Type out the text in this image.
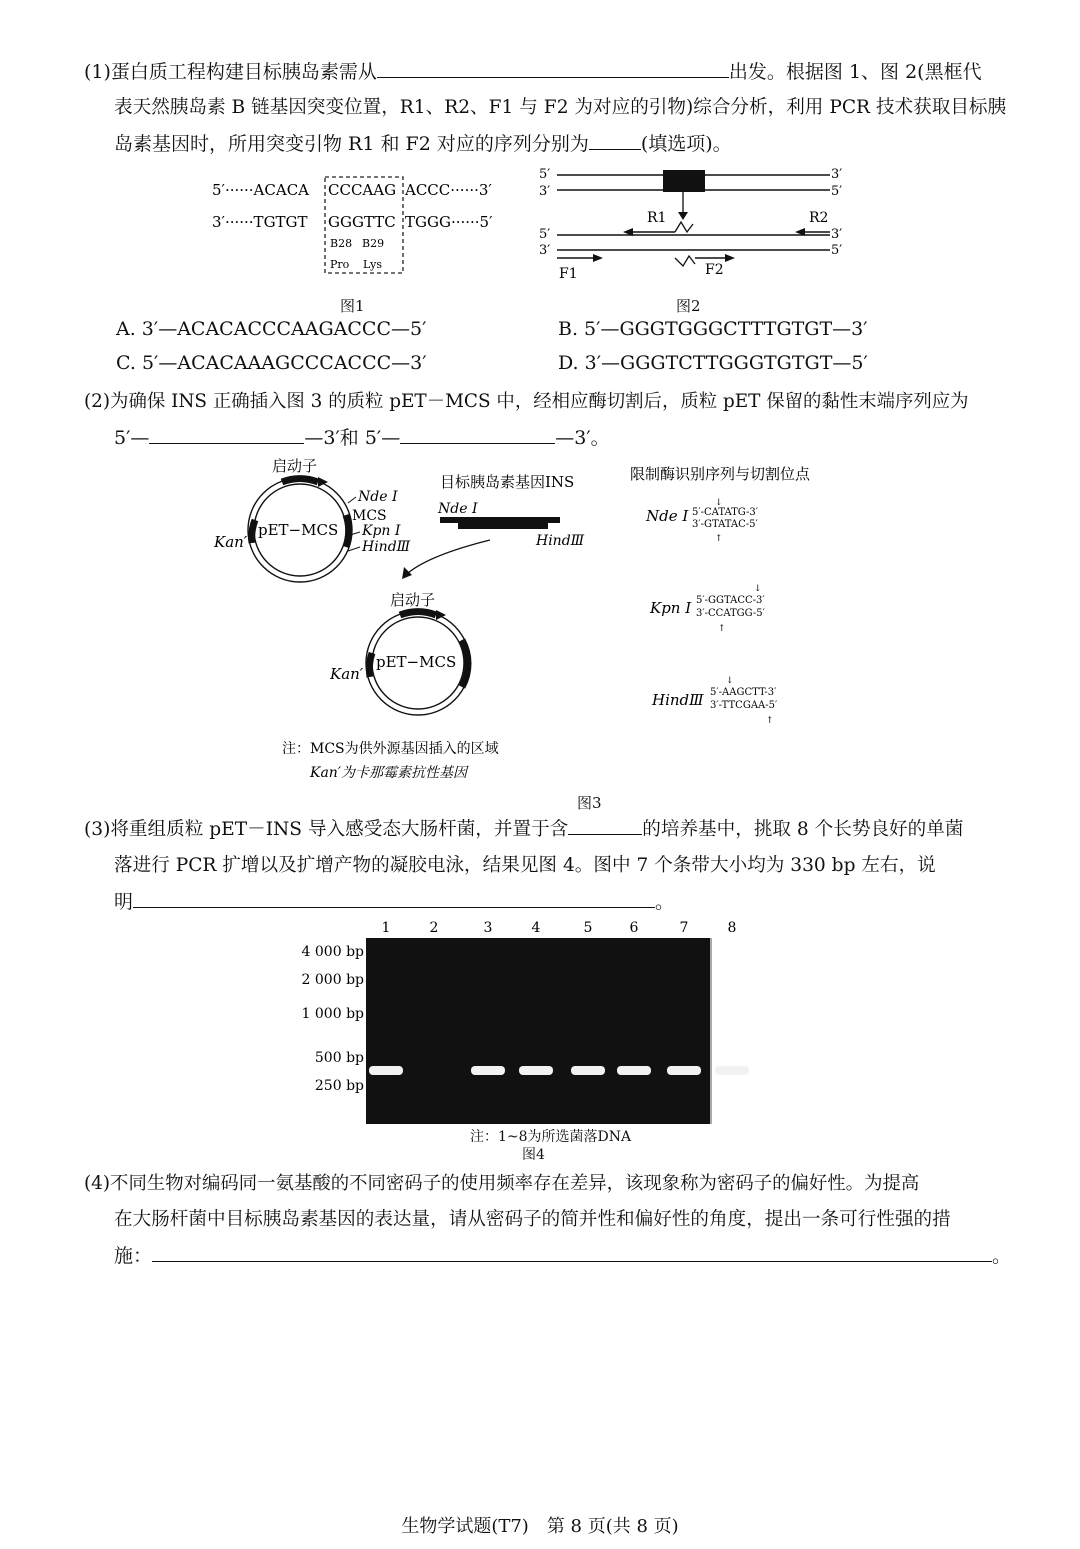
(1)蛋白质工程构建目标胰岛素需从	出发。根据图 1、图 2(黑框代
表天然胰岛素 B 链基因突变位置，R1、R2、F1 与 F2 为对应的引物)综合分析，利用 PCR 技术获取目标胰
岛素基因时，所用突变引物 R1 和 F2 对应的序列分别为	(填选项)。
5′······ACACA CCCAAG ACCC······3′
3′······TGTGT GGGTTC TGGG······5′
B28 B29
Pro Lys
图1
5′
3′
3′
5′
R1	R2
5′
3′
3′
5′
F1	F2
图2
A. 3′—ACACACCCAAGACCC—5′	B. 5′—GGGTGGGCTTTGTGT—3′
C. 5′—ACACAAAGCCCACCC—3′	D. 3′—GGGTCTTGGGTGTGT—5′
(2)为确保 INS 正确插入图 3 的质粒 pET－MCS 中，经相应酶切割后，质粒 pET 保留的黏性末端序列应为
5′—	—3′和 5′—	—3′。
启动子
pET−MCS
Kan′
Nde Ⅰ
MCS
Kpn Ⅰ
HindⅢ
目标胰岛素基因INS
Nde Ⅰ
HindⅢ
启动子
pET−MCS
Kan′
注：MCS为供外源基因插入的区域
Kan′为卡那霉素抗性基因
限制酶识别序列与切割位点
Nde Ⅰ 5′-CATATG-3′
3′-GTATAC-5′
↓
↑
Kpn Ⅰ 5′-GGTACC-3′
3′-CCATGG-5′
↓
↑
HindⅢ 5′-AAGCTT-3′
3′-TTCGAA-5′
↓
↑
图3
(3)将重组质粒 pET－INS 导入感受态大肠杆菌，并置于含	的培养基中，挑取 8 个长势良好的单菌
落进行 PCR 扩增以及扩增产物的凝胶电泳，结果见图 4。图中 7 个条带大小均为 330 bp 左右，说
明	。
4 000 bp
2 000 bp
1 000 bp
500 bp
250 bp
1	2	3	4	5	6	7	8
注：1~8为所选菌落DNA
图4
(4)不同生物对编码同一氨基酸的不同密码子的使用频率存在差异，该现象称为密码子的偏好性。为提高
在大肠杆菌中目标胰岛素基因的表达量，请从密码子的简并性和偏好性的角度，提出一条可行性强的措
施：	。
生物学试题(T7)　第 8 页(共 8 页)
